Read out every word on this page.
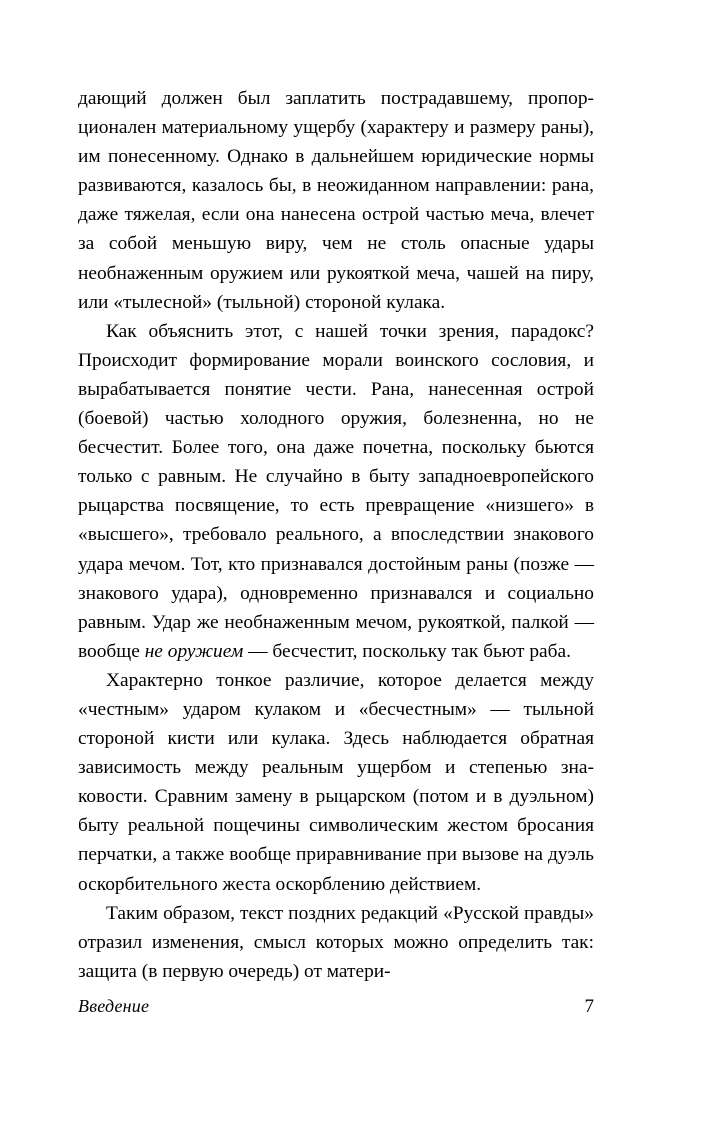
дающий должен был заплатить пострадавшему, пропорционален материальному ущербу (характеру и размеру раны), им понесенному. Однако в дальнейшем юридические нормы развиваются, казалось бы, в неожиданном направлении: рана, даже тяжелая, если она нанесена острой частью меча, влечет за собой меньшую виру, чем не столь опасные удары необнаженным оружием или рукояткой меча, чашей на пиру, или «тылесной» (тыльной) стороной кулака.

Как объяснить этот, с нашей точки зрения, парадокс? Происходит формирование морали воинского сословия, и вырабатывается понятие чести. Рана, нанесенная острой (боевой) частью холодного оружия, болезненна, но не бесчестит. Более того, она даже почетна, поскольку бьются только с равным. Не случайно в быту западноевропейского рыцарства посвящение, то есть превращение «низшего» в «высшего», требовало реального, а впоследствии знакового удара мечом. Тот, кто признавался достойным раны (позже — знакового удара), одновременно признавался и социально равным. Удар же необнаженным мечом, рукояткой, палкой — вообще не оружием — бесчестит, поскольку так бьют раба.

Характерно тонкое различие, которое делается между «честным» ударом кулаком и «бесчестным» — тыльной стороной кисти или кулака. Здесь наблюдается обратная зависимость между реальным ущербом и степенью знаковости. Сравним замену в рыцарском (потом и в дуэльном) быту реальной пощечины символическим жестом бросания перчатки, а также вообще приравнивание при вызове на дуэль оскорбительного жеста оскорблению действием.

Таким образом, текст поздних редакций «Русской правды» отразил изменения, смысл которых можно определить так: защита (в первую очередь) от матери-

Введение	7
